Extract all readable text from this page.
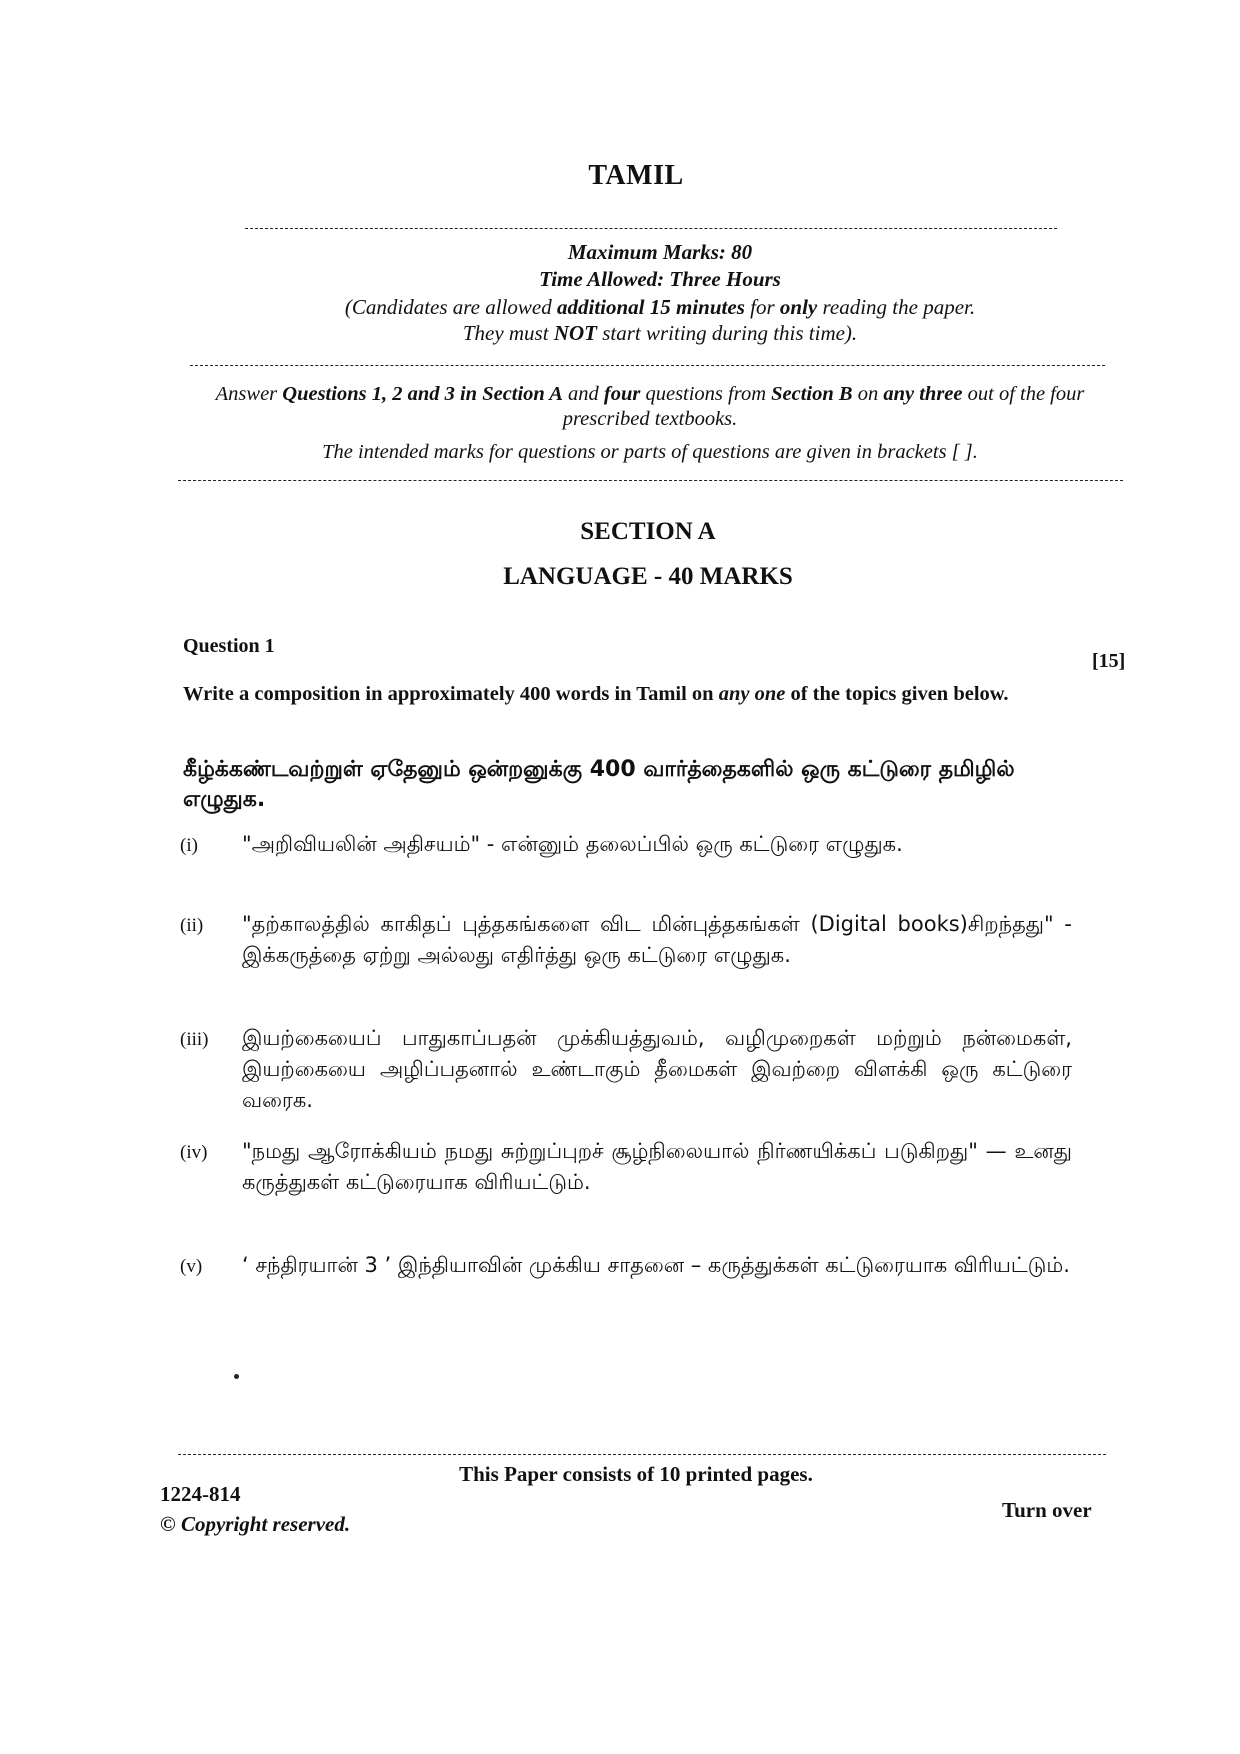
TAMIL
Maximum Marks: 80
Time Allowed: Three Hours
(Candidates are allowed additional 15 minutes for only reading the paper.
They must NOT start writing during this time).
Answer Questions 1, 2 and 3 in Section A and four questions from Section B on any three out of the four prescribed textbooks.
The intended marks for questions or parts of questions are given in brackets [ ].
SECTION A
LANGUAGE - 40 MARKS
Question 1
[15]
Write a composition in approximately 400 words in Tamil on any one of the topics given below.
கீழ்க்கண்டவற்றுள் ஏதேனும் ஒன்றனுக்கு 400 வார்த்தைகளில் ஒரு கட்டுரை தமிழில் எழுதுக.
(i)	"அறிவியலின் அதிசயம்" - என்னும் தலைப்பில் ஒரு கட்டுரை எழுதுக.
(ii)	"தற்காலத்தில் காகிதப் புத்தகங்களை விட மின்புத்தகங்கள் (Digital books)சிறந்தது" - இக்கருத்தை ஏற்று அல்லது எதிர்த்து ஒரு கட்டுரை எழுதுக.
(iii)	இயற்கையைப் பாதுகாப்பதன் முக்கியத்துவம், வழிமுறைகள் மற்றும் நன்மைகள், இயற்கையை அழிப்பதனால் உண்டாகும் தீமைகள் இவற்றை விளக்கி ஒரு கட்டுரை வரைக.
(iv)	"நமது ஆரோக்கியம் நமது சுற்றுப்புறச் சூழ்நிலையால் நிர்ணயிக்கப் படுகிறது" — உனது கருத்துகள் கட்டுரையாக விரியட்டும்.
(v)	‘ சந்திரயான் 3 ’ இந்தியாவின் முக்கிய சாதனை – கருத்துக்கள் கட்டுரையாக விரியட்டும்.
This Paper consists of 10 printed pages.
1224-814
© Copyright reserved.
Turn over
